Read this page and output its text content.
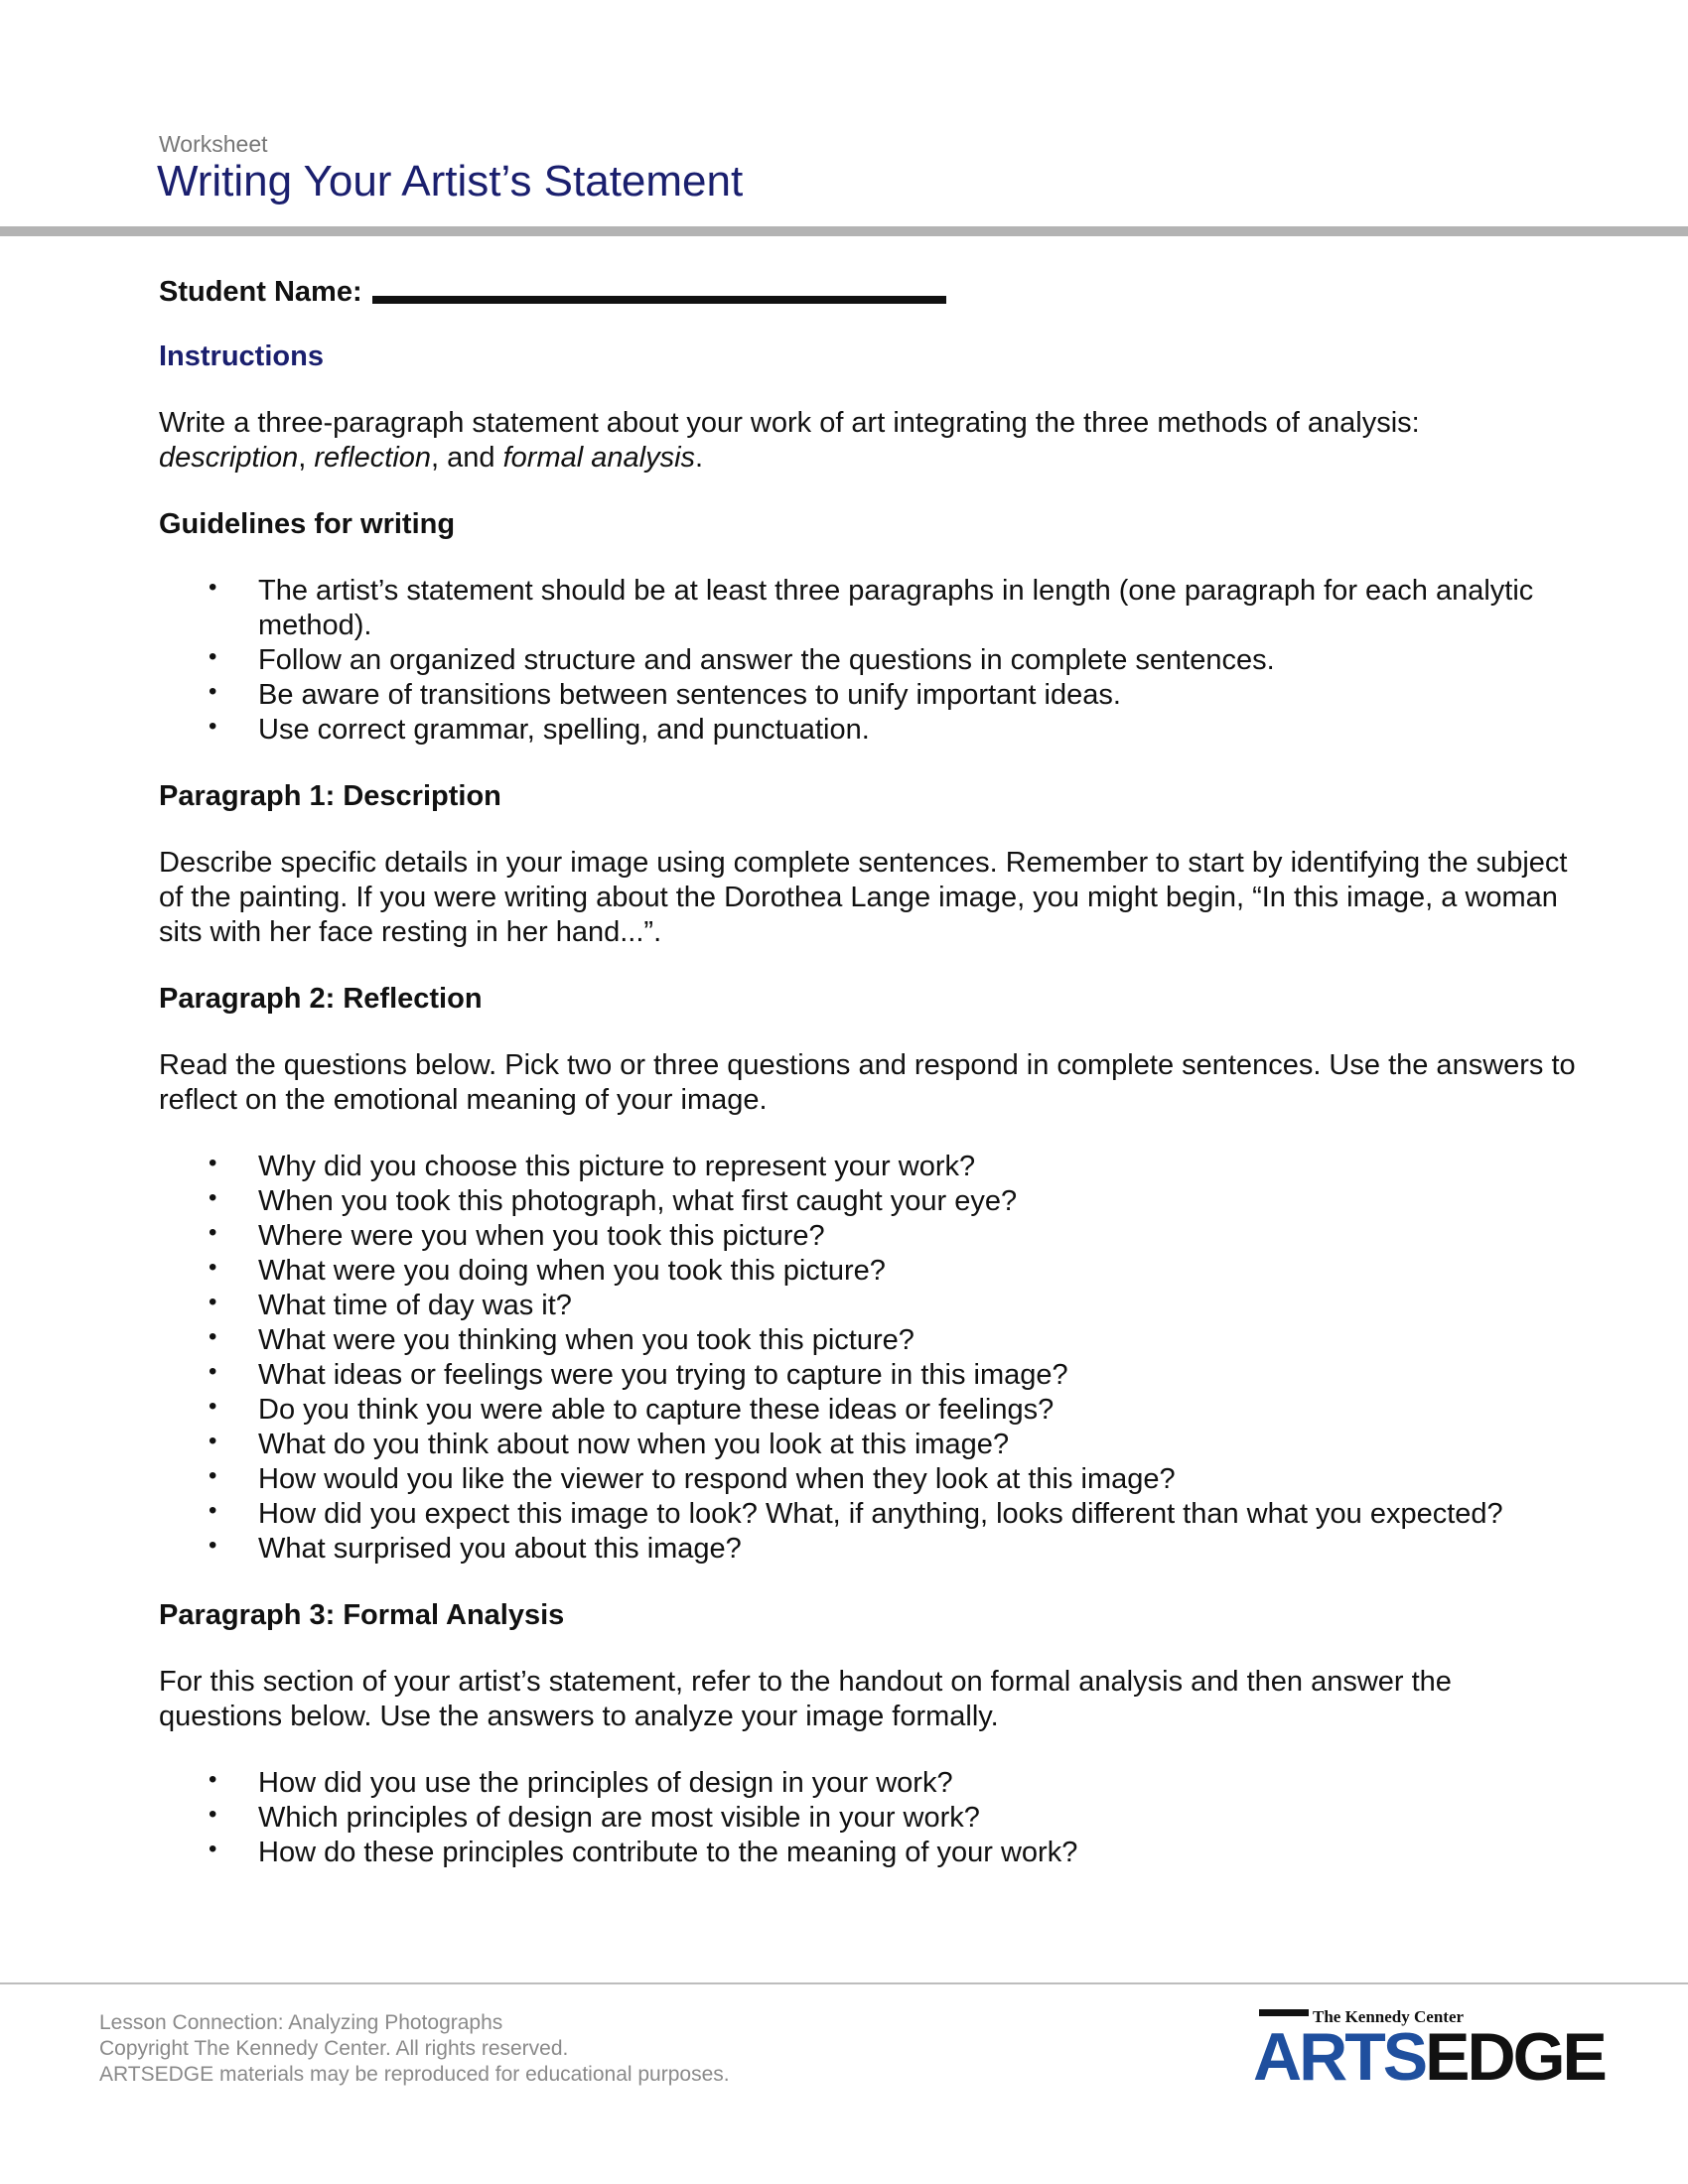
Worksheet
Writing Your Artist’s Statement
Student Name:
Instructions

Write a three-paragraph statement about your work of art integrating the three methods of analysis:
description, reflection, and formal analysis.

Guidelines for writing
• The artist’s statement should be at least three paragraphs in length (one paragraph for each analytic method).
• Follow an organized structure and answer the questions in complete sentences.
• Be aware of transitions between sentences to unify important ideas.
• Use correct grammar, spelling, and punctuation.
Paragraph 1: Description

Describe specific details in your image using complete sentences. Remember to start by identifying the subject of the painting. If you were writing about the Dorothea Lange image, you might begin, “In this image, a woman sits with her face resting in her hand...”.

Paragraph 2: Reflection

Read the questions below. Pick two or three questions and respond in complete sentences. Use the answers to reflect on the emotional meaning of your image.

• Why did you choose this picture to represent your work?
• When you took this photograph, what first caught your eye?
• Where were you when you took this picture?
• What were you doing when you took this picture?
• What time of day was it?
• What were you thinking when you took this picture?
• What ideas or feelings were you trying to capture in this image?
• Do you think you were able to capture these ideas or feelings?
• What do you think about now when you look at this image?
• How would you like the viewer to respond when they look at this image?
• How did you expect this image to look? What, if anything, looks different than what you expected?
• What surprised you about this image?
Paragraph 3: Formal Analysis

For this section of your artist’s statement, refer to the handout on formal analysis and then answer the questions below. Use the answers to analyze your image formally.

• How did you use the principles of design in your work?
• Which principles of design are most visible in your work?
• How do these principles contribute to the meaning of your work?
Lesson Connection: Analyzing Photographs
Copyright The Kennedy Center. All rights reserved.
ARTSEDGE materials may be reproduced for educational purposes.
The Kennedy Center
ARTSEDGE
